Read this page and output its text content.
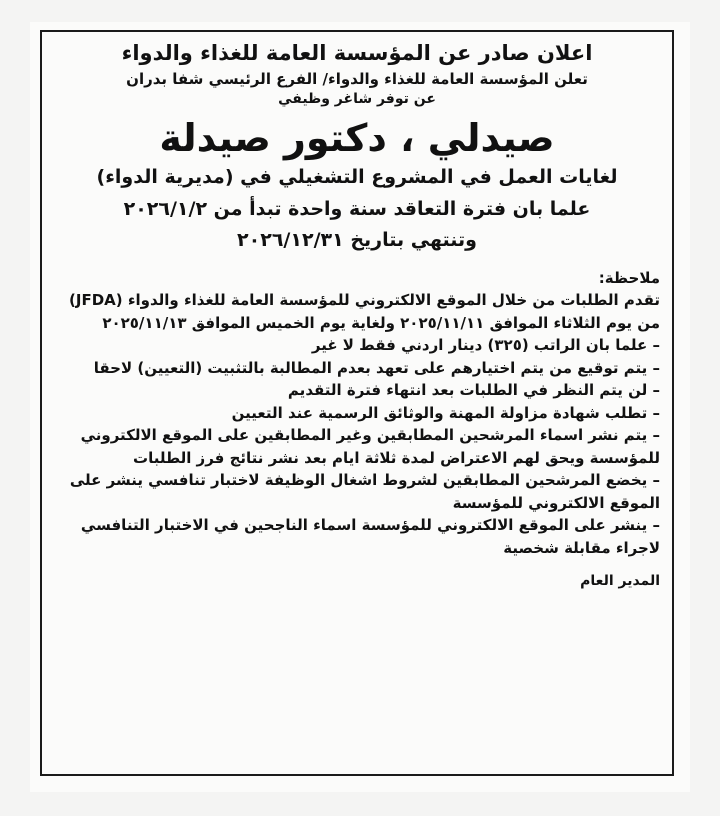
اعلان صادر عن المؤسسة العامة للغذاء والدواء

تعلن المؤسسة العامة للغذاء والدواء/ الفرع الرئيسي شفا بدران

عن توفر شاغر وظيفي

صيدلي ، دكتور صيدلة

لغايات العمل في المشروع التشغيلي في (مديرية الدواء)

علما بان فترة التعاقد سنة واحدة تبدأ من ٢٠٢٦/١/٢

وتنتهي بتاريخ ٢٠٢٦/١٢/٣١

ملاحظة:

تقدم الطلبات من خلال الموقع الالكتروني للمؤسسة العامة للغذاء والدواء (JFDA) من يوم الثلاثاء الموافق ٢٠٢٥/١١/١١ ولغاية يوم الخميس الموافق ٢٠٢٥/١١/١٣

– علما بان الراتب (٣٢٥) دينار اردني فقط لا غير

– يتم توقيع من يتم اختيارهم على تعهد بعدم المطالبة بالتثبيت (التعيين) لاحقا

– لن يتم النظر في الطلبات بعد انتهاء فترة التقديم

– تطلب شهادة مزاولة المهنة والوثائق الرسمية عند التعيين

– يتم نشر اسماء المرشحين المطابقين وغير المطابقين على الموقع الالكتروني للمؤسسة ويحق لهم الاعتراض لمدة ثلاثة ايام بعد نشر نتائج فرز الطلبات

– يخضع المرشحين المطابقين لشروط اشغال الوظيفة لاختبار تنافسي ينشر على الموقع الالكتروني للمؤسسة

– ينشر على الموقع الالكتروني للمؤسسة اسماء الناجحين في الاختبار التنافسي لاجراء مقابلة شخصية

المدير العام
